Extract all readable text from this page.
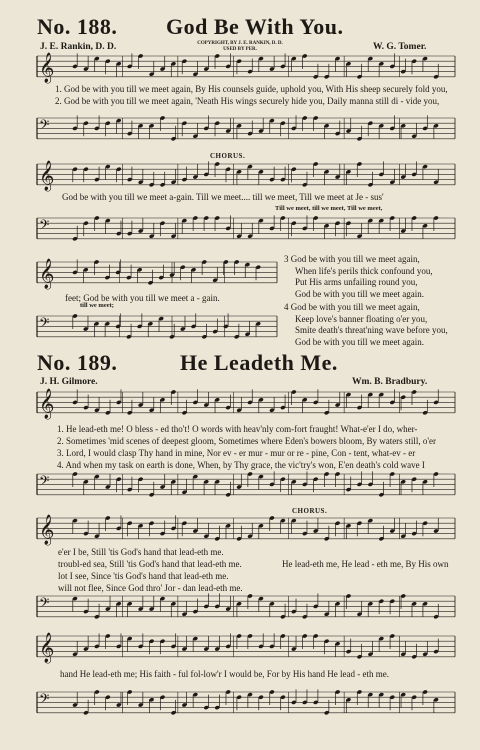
No. 188. God Be With You.
J. E. Rankin, D. D.	COPYRIGHT, BY J. E. RANKIN, D. D.
USED BY PER.	W. G. Tomer.
𝄞
1. God be with you till we meet again, By His counsels guide, uphold you, With His sheep securely fold you,
2. God be with you till we meet again, 'Neath His wings securely hide you, Daily manna still di - vide you,
𝄢
CHORUS.
𝄞
God be with you till we meet a-gain. Till we meet.... till we meet, Till we meet at Je - sus'
Till we meet, till we meet, Till we meet,
𝄢
𝄞
feet; God be with you till we meet a - gain.
till we meet;
𝄢
3 God be with you till we meet again,
When life's perils thick confound you,
Put His arms unfailing round you,
God be with you till we meet again.
4 God be with you till we meet again,
Keep love's banner floating o'er you,
Smite death's threat'ning wave before you,
God be with you till we meet again.
No. 189.	He Leadeth Me.
J. H. Gilmore.	Wm. B. Bradbury.
𝄞
1. He lead-eth me! O bless - ed tho't! O words with heav'nly com-fort fraught! What-e'er I do, wher-
2. Sometimes 'mid scenes of deepest gloom, Sometimes where Eden's bowers bloom, By waters still, o'er
3. Lord, I would clasp Thy hand in mine, Nor ev - er mur - mur or re - pine, Con - tent, what-ev - er
4. And when my task on earth is done, When, by Thy grace, the vic'try's won, E'en death's cold wave I
𝄢
CHORUS.
𝄞
e'er I be, Still 'tis God's hand that lead-eth me.
troubl-ed sea, Still 'tis God's hand that lead-eth me.
lot I see, Since 'tis God's hand that lead-eth me.
will not flee, Since God thro' Jor - dan lead-eth me.
He lead-eth me, He lead - eth me, By His own
𝄢
𝄞
hand He lead-eth me; His faith - ful fol-low'r I would be, For by His hand He lead - eth me.
𝄢
